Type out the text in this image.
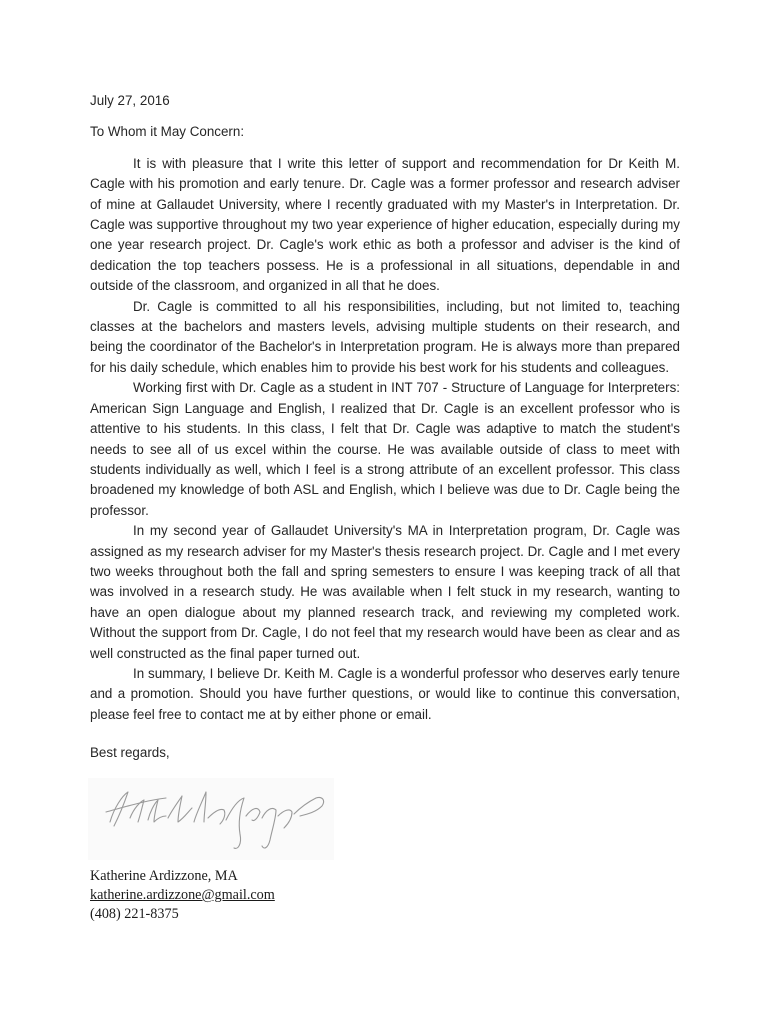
July 27, 2016

To Whom it May Concern:

It is with pleasure that I write this letter of support and recommendation for Dr Keith M. Cagle with his promotion and early tenure. Dr. Cagle was a former professor and research adviser of mine at Gallaudet University, where I recently graduated with my Master's in Interpretation. Dr. Cagle was supportive throughout my two year experience of higher education, especially during my one year research project. Dr. Cagle's work ethic as both a professor and adviser is the kind of dedication the top teachers possess. He is a professional in all situations, dependable in and outside of the classroom, and organized in all that he does.

Dr. Cagle is committed to all his responsibilities, including, but not limited to, teaching classes at the bachelors and masters levels, advising multiple students on their research, and being the coordinator of the Bachelor's in Interpretation program. He is always more than prepared for his daily schedule, which enables him to provide his best work for his students and colleagues.

Working first with Dr. Cagle as a student in INT 707 - Structure of Language for Interpreters: American Sign Language and English, I realized that Dr. Cagle is an excellent professor who is attentive to his students. In this class, I felt that Dr. Cagle was adaptive to match the student's needs to see all of us excel within the course. He was available outside of class to meet with students individually as well, which I feel is a strong attribute of an excellent professor. This class broadened my knowledge of both ASL and English, which I believe was due to Dr. Cagle being the professor.

In my second year of Gallaudet University's MA in Interpretation program, Dr. Cagle was assigned as my research adviser for my Master's thesis research project. Dr. Cagle and I met every two weeks throughout both the fall and spring semesters to ensure I was keeping track of all that was involved in a research study. He was available when I felt stuck in my research, wanting to have an open dialogue about my planned research track, and reviewing my completed work. Without the support from Dr. Cagle, I do not feel that my research would have been as clear and as well constructed as the final paper turned out.

In summary, I believe Dr. Keith M. Cagle is a wonderful professor who deserves early tenure and a promotion. Should you have further questions, or would like to continue this conversation, please feel free to contact me at by either phone or email.

Best regards,

Katherine Ardizzone, MA
katherine.ardizzone@gmail.com
(408) 221-8375
